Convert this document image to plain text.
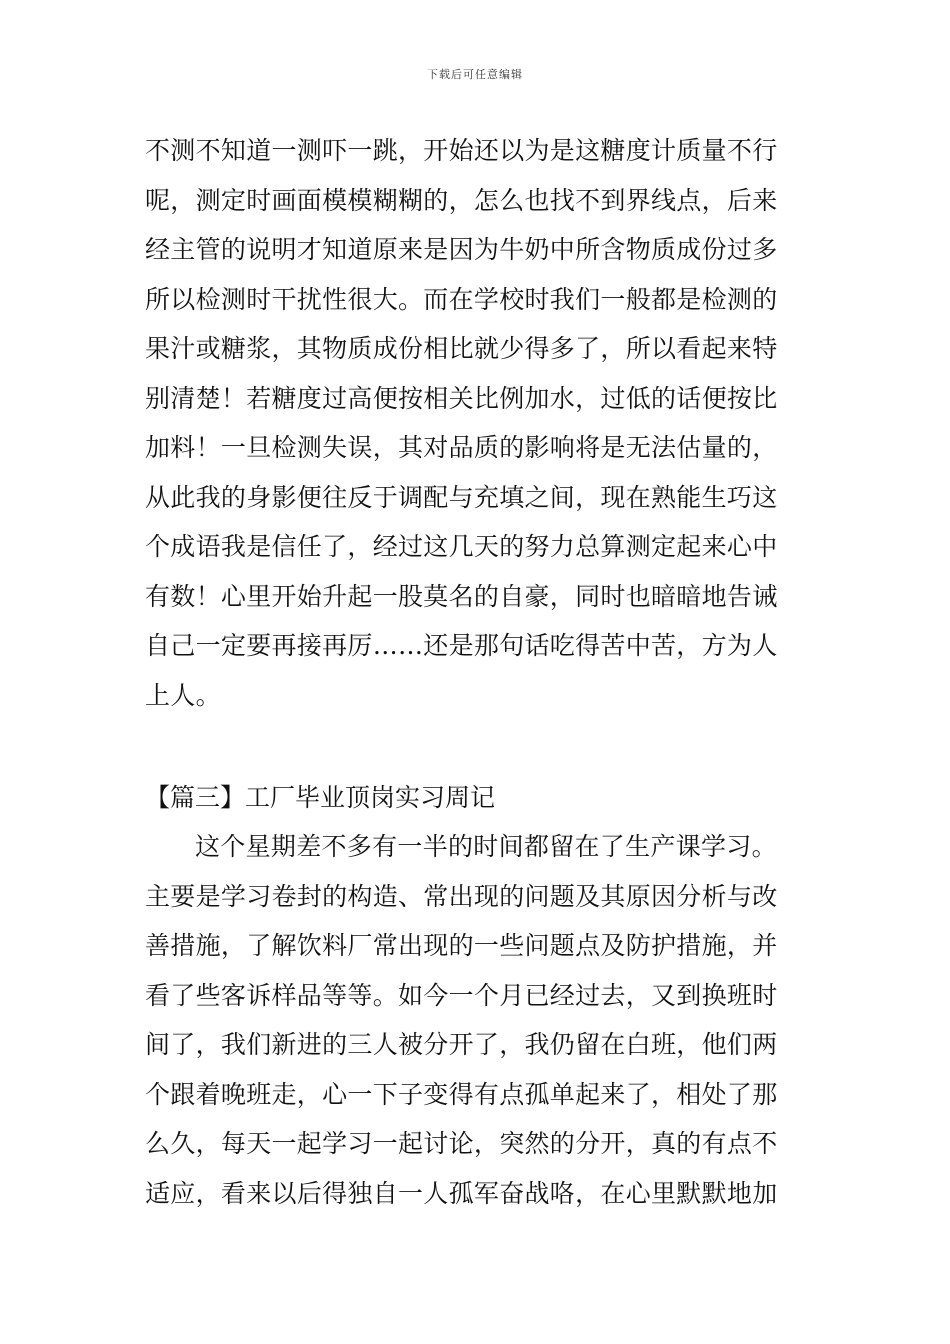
下载后可任意编辑
不测不知道一测吓一跳，开始还以为是这糖度计质量不行
呢，测定时画面模模糊糊的，怎么也找不到界线点，后来
经主管的说明才知道原来是因为牛奶中所含物质成份过多
所以检测时干扰性很大。而在学校时我们一般都是检测的
果汁或糖浆，其物质成份相比就少得多了，所以看起来特
别清楚！若糖度过高便按相关比例加水，过低的话便按比
加料！一旦检测失误，其对品质的影响将是无法估量的，
从此我的身影便往反于调配与充填之间，现在熟能生巧这
个成语我是信任了，经过这几天的努力总算测定起来心中
有数！心里开始升起一股莫名的自豪，同时也暗暗地告诫
自己一定要再接再厉……还是那句话吃得苦中苦，方为人
上人。
【篇三】工厂毕业顶岗实习周记
这个星期差不多有一半的时间都留在了生产课学习。
主要是学习卷封的构造、常出现的问题及其原因分析与改
善措施，了解饮料厂常出现的一些问题点及防护措施，并
看了些客诉样品等等。如今一个月已经过去，又到换班时
间了，我们新进的三人被分开了，我仍留在白班，他们两
个跟着晚班走，心一下子变得有点孤单起来了，相处了那
么久，每天一起学习一起讨论，突然的分开，真的有点不
适应，看来以后得独自一人孤军奋战咯，在心里默默地加
